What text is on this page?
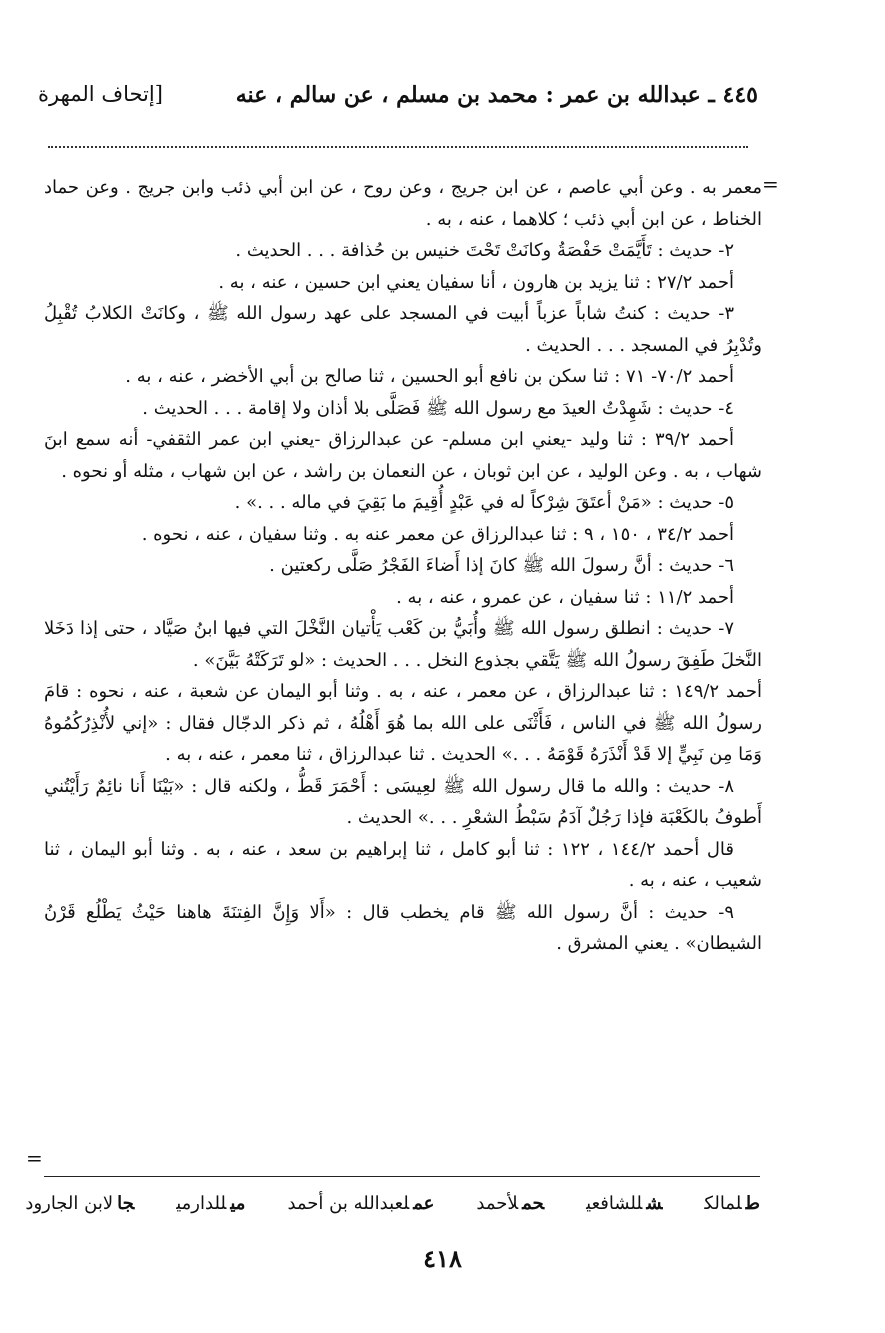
٤٤٥ ـ عبدالله بن عمر : محمد بن مسلم ، عن سالم ، عنه
[إتحاف المهرة
=

معمر به . وعن أبي عاصم ، عن ابن جريج ، وعن روح ، عن ابن أبي ذئب وابن جريج . وعن حماد الخناط ، عن ابن أبي ذئب ؛ كلاهما ، عنه ، به .

٢- حديث : تَأَيَّمَتْ حَفْصَةُ وكانَتْ تَحْتَ خنيس بن حُذافة . . . الحديث .

أحمد ٢٧/٢ : ثنا يزيد بن هارون ، أنا سفيان يعني ابن حسين ، عنه ، به .

٣- حديث : كنتُ شاباً عزباً أبيت في المسجد على عهد رسول الله ﷺ ، وكانَتْ الكلابُ تُقْبِلُ وتُدْبِرُ في المسجد . . . الحديث .

أحمد ٧٠/٢- ٧١ : ثنا سكن بن نافع أبو الحسين ، ثنا صالح بن أبي الأخضر ، عنه ، به .

٤- حديث : شَهِدْتُ العيدَ مع رسول الله ﷺ فَصَلَّى بلا أذان ولا إقامة . . . الحديث .

أحمد ٣٩/٢ : ثنا وليد -يعني ابن مسلم- عن عبدالرزاق -يعني ابن عمر الثقفي- أنه سمع ابنَ شهاب ، به . وعن الوليد ، عن ابن ثوبان ، عن النعمان بن راشد ، عن ابن شهاب ، مثله أو نحوه .

٥- حديث : «مَنْ أعتَقَ شِرْكاً له في عَبْدٍ أُقِيمَ ما بَقِيَ في ماله . . .» .

أحمد ٣٤/٢ ، ١٥٠ ، ٩ : ثنا عبدالرزاق عن معمر عنه به . وثنا سفيان ، عنه ، نحوه .

٦- حديث : أنَّ رسولَ الله ﷺ كانَ إذا أَضاءَ الفَجْرُ صَلَّى ركعتين .

أحمد ١١/٢ : ثنا سفيان ، عن عمرو ، عنه ، به .

٧- حديث : انطلق رسول الله ﷺ وأُبَيُّ بن كَعْب يَأْتيان النَّخْلَ التي فيها ابنُ صَيَّاد ، حتى إذا دَخَلا النَّخلَ طَفِقَ رسولُ الله ﷺ يَتَّقي بجذوع النخل . . . الحديث : «لو تَرَكَتْهُ بَيَّنَ» .

أحمد ١٤٩/٢ : ثنا عبدالرزاق ، عن معمر ، عنه ، به . وثنا أبو اليمان عن شعبة ، عنه ، نحوه : قامَ رسولُ الله ﷺ في الناس ، فَأَثْنَى على الله بما هُوَ أَهْلُهُ ، ثم ذكر الدجّال فقال : «إني لأُنْذِرُكُمُوهُ وَمَا مِن نَبِيٍّ إلا قَدْ أَنْذَرَهُ قَوْمَهُ . . .» الحديث . ثنا عبدالرزاق ، ثنا معمر ، عنه ، به .

٨- حديث : والله ما قال رسول الله ﷺ لعِيسَى : أَحْمَرَ قَطُّ ، ولكنه قال : «بَيْنَا أَنا نائِمٌ رَأَيْتُني أَطوفُ بالكَعْبَة فإذا رَجُلٌ آدَمُ سَبْطُ الشعْرِ . . .» الحديث .

قال أحمد ١٤٤/٢ ، ١٢٢ : ثنا أبو كامل ، ثنا إبراهيم بن سعد ، عنه ، به . وثنا أبو اليمان ، ثنا شعيب ، عنه ، به .

٩- حديث : أنَّ رسول الله ﷺ قام يخطب قال : «أَلا وَإِنَّ الفِتنَةَ هاهنا حَيْثُ يَطْلُع قَرْنُ الشيطان» . يعني المشرق .

=
طلمالكشللشافعيحملأحمدعملعبدالله بن أحمدميللدارميجالابن الجارود
٤١٨
